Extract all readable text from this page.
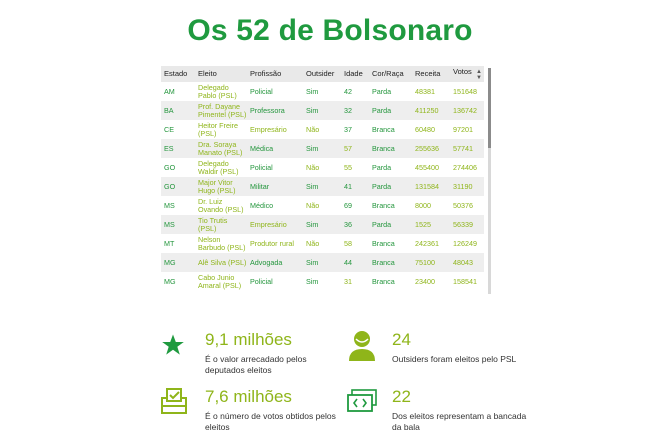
Os 52 de Bolsonaro
Estado	Eleito	Profissão	Outsider	Idade	Cor/Raça	Receita	Votos ▲
▼

AM	Delegado Pablo (PSL)	Policial	Sim	42	Parda	48381	151648
BA	Prof. Dayane Pimentel (PSL)	Professora	Sim	32	Parda	411250	136742
CE	Heitor Freire (PSL)	Empresário	Não	37	Branca	60480	97201
ES	Dra. Soraya Manato (PSL)	Médica	Sim	57	Branca	255636	57741
GO	Delegado Waldir (PSL)	Policial	Não	55	Parda	455400	274406
GO	Major Vitor Hugo (PSL)	Militar	Sim	41	Parda	131584	31190
MS	Dr. Luiz Ovando (PSL)	Médico	Não	69	Branca	8000	50376
MS	Tio Trutis (PSL)	Empresário	Sim	36	Parda	1525	56339
MT	Nelson Barbudo (PSL)	Produtor rural	Não	58	Branca	242361	126249
MG	Alê Silva (PSL)	Advogada	Sim	44	Branca	75100	48043
MG	Cabo Junio Amaral (PSL)	Policial	Sim	31	Branca	23400	158541
9,1 milhões
É o valor arrecadado pelos deputados eleitos
24
Outsiders foram eleitos pelo PSL
7,6 milhões
É o número de votos obtidos pelos eleitos
22
Dos eleitos representam a bancada da bala
